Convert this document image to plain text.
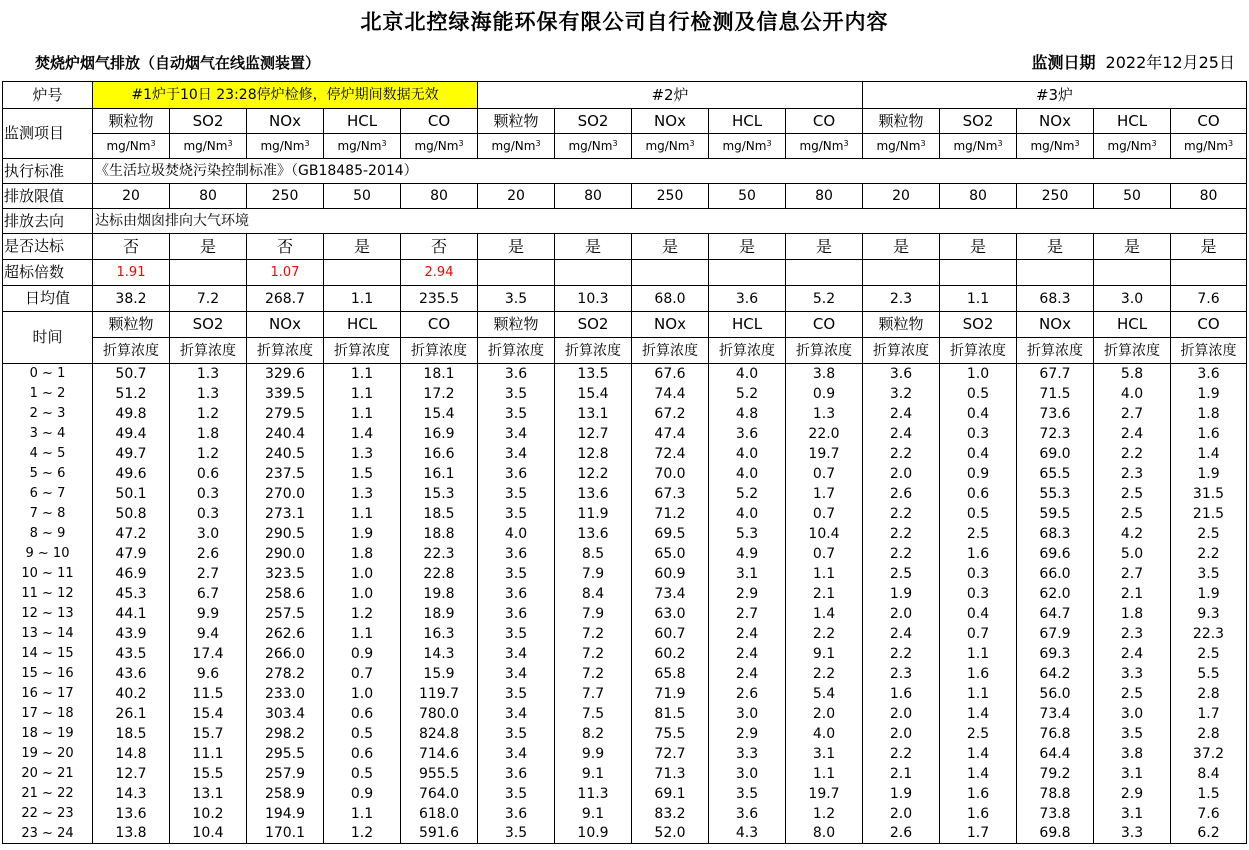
北京北控绿海能环保有限公司自行检测及信息公开内容
焚烧炉烟气排放（自动烟气在线监测装置）	监测日期 2022年12月25日
炉号	#1炉于10日 23:28停炉检修，停炉期间数据无效					#2炉					#3炉				
监测项目	颗粒物	SO2	NOx	HCL	CO	颗粒物	SO2	NOx	HCL	CO	颗粒物	SO2	NOx	HCL	CO
	mg/Nm$^3$	mg/Nm$^3$	mg/Nm$^3$	mg/Nm$^3$	mg/Nm$^3$	mg/Nm$^3$	mg/Nm$^3$	mg/Nm$^3$	mg/Nm$^3$	mg/Nm$^3$	mg/Nm$^3$	mg/Nm$^3$	mg/Nm$^3$	mg/Nm$^3$	mg/Nm$^3$
执行标准	《生活垃圾焚烧污染控制标准》（GB18485-2014）														
排放限值	20	80	250	50	80	20	80	250	50	80	20	80	250	50	80
排放去向	达标由烟囱排向大气环境														
是否达标	否	是	否	是	否	是	是	是	是	是	是	是	是	是	是
超标倍数	1.91		1.07		2.94										
日均值	38.2	7.2	268.7	1.1	235.5	3.5	10.3	68.0	3.6	5.2	2.3	1.1	68.3	3.0	7.6
时间	颗粒物	SO2	NOx	HCL	CO	颗粒物	SO2	NOx	HCL	CO	颗粒物	SO2	NOx	HCL	CO
	折算浓度	折算浓度	折算浓度	折算浓度	折算浓度	折算浓度	折算浓度	折算浓度	折算浓度	折算浓度	折算浓度	折算浓度	折算浓度	折算浓度	折算浓度
0 ~ 1	50.7	1.3	329.6	1.1	18.1	3.6	13.5	67.6	4.0	3.8	3.6	1.0	67.7	5.8	3.6
1 ~ 2	51.2	1.3	339.5	1.1	17.2	3.5	15.4	74.4	5.2	0.9	3.2	0.5	71.5	4.0	1.9
2 ~ 3	49.8	1.2	279.5	1.1	15.4	3.5	13.1	67.2	4.8	1.3	2.4	0.4	73.6	2.7	1.8
3 ~ 4	49.4	1.8	240.4	1.4	16.9	3.4	12.7	47.4	3.6	22.0	2.4	0.3	72.3	2.4	1.6
4 ~ 5	49.7	1.2	240.5	1.3	16.6	3.4	12.8	72.4	4.0	19.7	2.2	0.4	69.0	2.2	1.4
5 ~ 6	49.6	0.6	237.5	1.5	16.1	3.6	12.2	70.0	4.0	0.7	2.0	0.9	65.5	2.3	1.9
6 ~ 7	50.1	0.3	270.0	1.3	15.3	3.5	13.6	67.3	5.2	1.7	2.6	0.6	55.3	2.5	31.5
7 ~ 8	50.8	0.3	273.1	1.1	18.5	3.5	11.9	71.2	4.0	0.7	2.2	0.5	59.5	2.5	21.5
8 ~ 9	47.2	3.0	290.5	1.9	18.8	4.0	13.6	69.5	5.3	10.4	2.2	2.5	68.3	4.2	2.5
9 ~ 10	47.9	2.6	290.0	1.8	22.3	3.6	8.5	65.0	4.9	0.7	2.2	1.6	69.6	5.0	2.2
10 ~ 11	46.9	2.7	323.5	1.0	22.8	3.5	7.9	60.9	3.1	1.1	2.5	0.3	66.0	2.7	3.5
11 ~ 12	45.3	6.7	258.6	1.0	19.8	3.6	8.4	73.4	2.9	2.1	1.9	0.3	62.0	2.1	1.9
12 ~ 13	44.1	9.9	257.5	1.2	18.9	3.6	7.9	63.0	2.7	1.4	2.0	0.4	64.7	1.8	9.3
13 ~ 14	43.9	9.4	262.6	1.1	16.3	3.5	7.2	60.7	2.4	2.2	2.4	0.7	67.9	2.3	22.3
14 ~ 15	43.5	17.4	266.0	0.9	14.3	3.4	7.2	60.2	2.4	9.1	2.2	1.1	69.3	2.4	2.5
15 ~ 16	43.6	9.6	278.2	0.7	15.9	3.4	7.2	65.8	2.4	2.2	2.3	1.6	64.2	3.3	5.5
16 ~ 17	40.2	11.5	233.0	1.0	119.7	3.5	7.7	71.9	2.6	5.4	1.6	1.1	56.0	2.5	2.8
17 ~ 18	26.1	15.4	303.4	0.6	780.0	3.4	7.5	81.5	3.0	2.0	2.0	1.4	73.4	3.0	1.7
18 ~ 19	18.5	15.7	298.2	0.5	824.8	3.5	8.2	75.5	2.9	4.0	2.0	2.5	76.8	3.5	2.8
19 ~ 20	14.8	11.1	295.5	0.6	714.6	3.4	9.9	72.7	3.3	3.1	2.2	1.4	64.4	3.8	37.2
20 ~ 21	12.7	15.5	257.9	0.5	955.5	3.6	9.1	71.3	3.0	1.1	2.1	1.4	79.2	3.1	8.4
21 ~ 22	14.3	13.1	258.9	0.9	764.0	3.5	11.3	69.1	3.5	19.7	1.9	1.6	78.8	2.9	1.5
22 ~ 23	13.6	10.2	194.9	1.1	618.0	3.6	9.1	83.2	3.6	1.2	2.0	1.6	73.8	3.1	7.6
23 ~ 24	13.8	10.4	170.1	1.2	591.6	3.5	10.9	52.0	4.3	8.0	2.6	1.7	69.8	3.3	6.2
